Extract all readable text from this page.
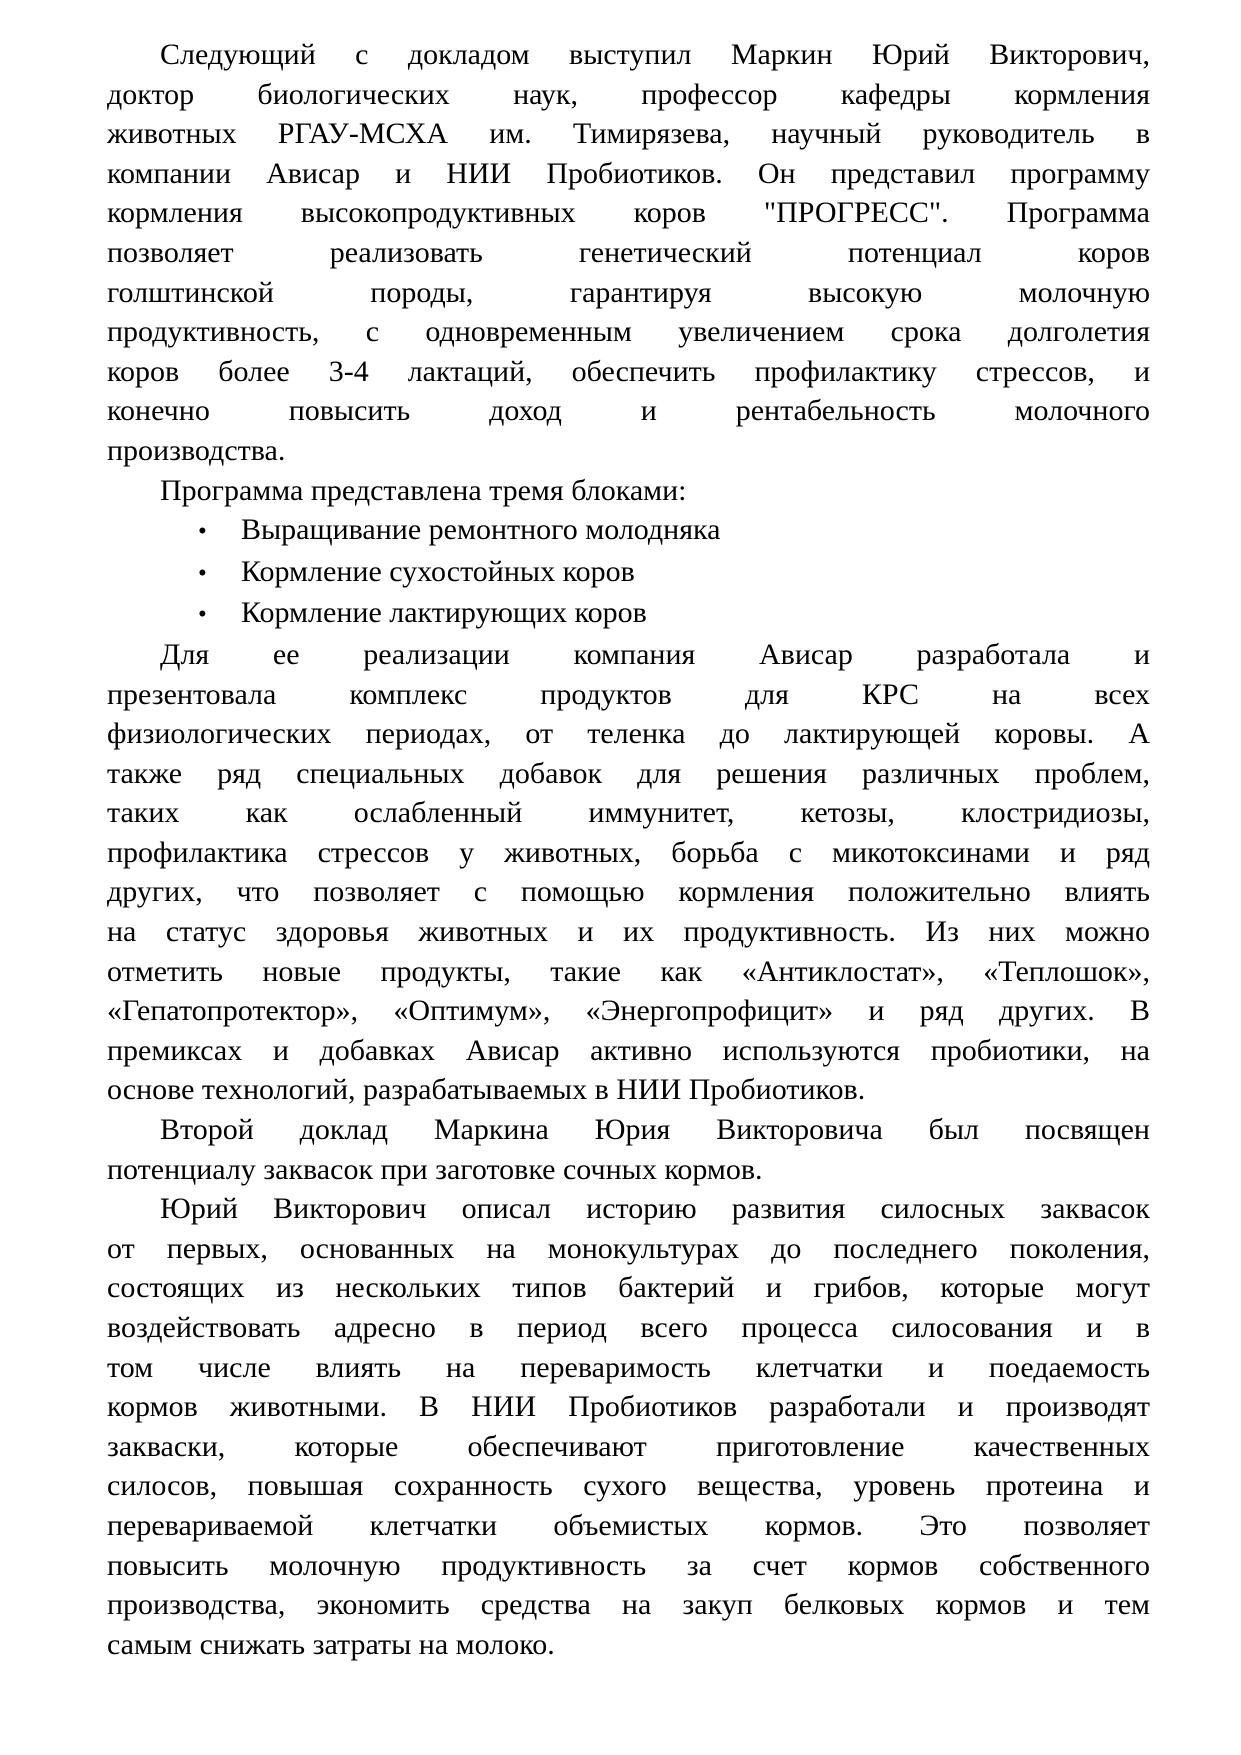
Следующий с докладом выступил Маркин Юрий Викторович,
доктор биологических наук, профессор кафедры кормления
животных РГАУ-МСХА им. Тимирязева, научный руководитель в
компании Ависар и НИИ Пробиотиков. Он представил программу
кормления высокопродуктивных коров "ПРОГРЕСС". Программа
позволяет реализовать генетический потенциал коров
голштинской породы, гарантируя высокую молочную
продуктивность, с одновременным увеличением срока долголетия
коров более 3-4 лактаций, обеспечить профилактику стрессов, и
конечно повысить доход и рентабельность молочного
производства.
Программа представлена тремя блоками:
• Выращивание ремонтного молодняка
• Кормление сухостойных коров
• Кормление лактирующих коров
Для ее реализации компания Ависар разработала и
презентовала комплекс продуктов для КРС на всех
физиологических периодах, от теленка до лактирующей коровы. А
также ряд специальных добавок для решения различных проблем,
таких как ослабленный иммунитет, кетозы, клостридиозы,
профилактика стрессов у животных, борьба с микотоксинами и ряд
других, что позволяет с помощью кормления положительно влиять
на статус здоровья животных и их продуктивность. Из них можно
отметить новые продукты, такие как «Антиклостат», «Теплошок»,
«Гепатопротектор», «Оптимум», «Энергопрофицит» и ряд других. В
премиксах и добавках Ависар активно используются пробиотики, на
основе технологий, разрабатываемых в НИИ Пробиотиков.
Второй доклад Маркина Юрия Викторовича был посвящен
потенциалу заквасок при заготовке сочных кормов.
Юрий Викторович описал историю развития силосных заквасок
от первых, основанных на монокультурах до последнего поколения,
состоящих из нескольких типов бактерий и грибов, которые могут
воздействовать адресно в период всего процесса силосования и в
том числе влиять на переваримость клетчатки и поедаемость
кормов животными. В НИИ Пробиотиков разработали и производят
закваски, которые обеспечивают приготовление качественных
силосов, повышая сохранность сухого вещества, уровень протеина и
перевариваемой клетчатки объемистых кормов. Это позволяет
повысить молочную продуктивность за счет кормов собственного
производства, экономить средства на закуп белковых кормов и тем
самым снижать затраты на молоко.
